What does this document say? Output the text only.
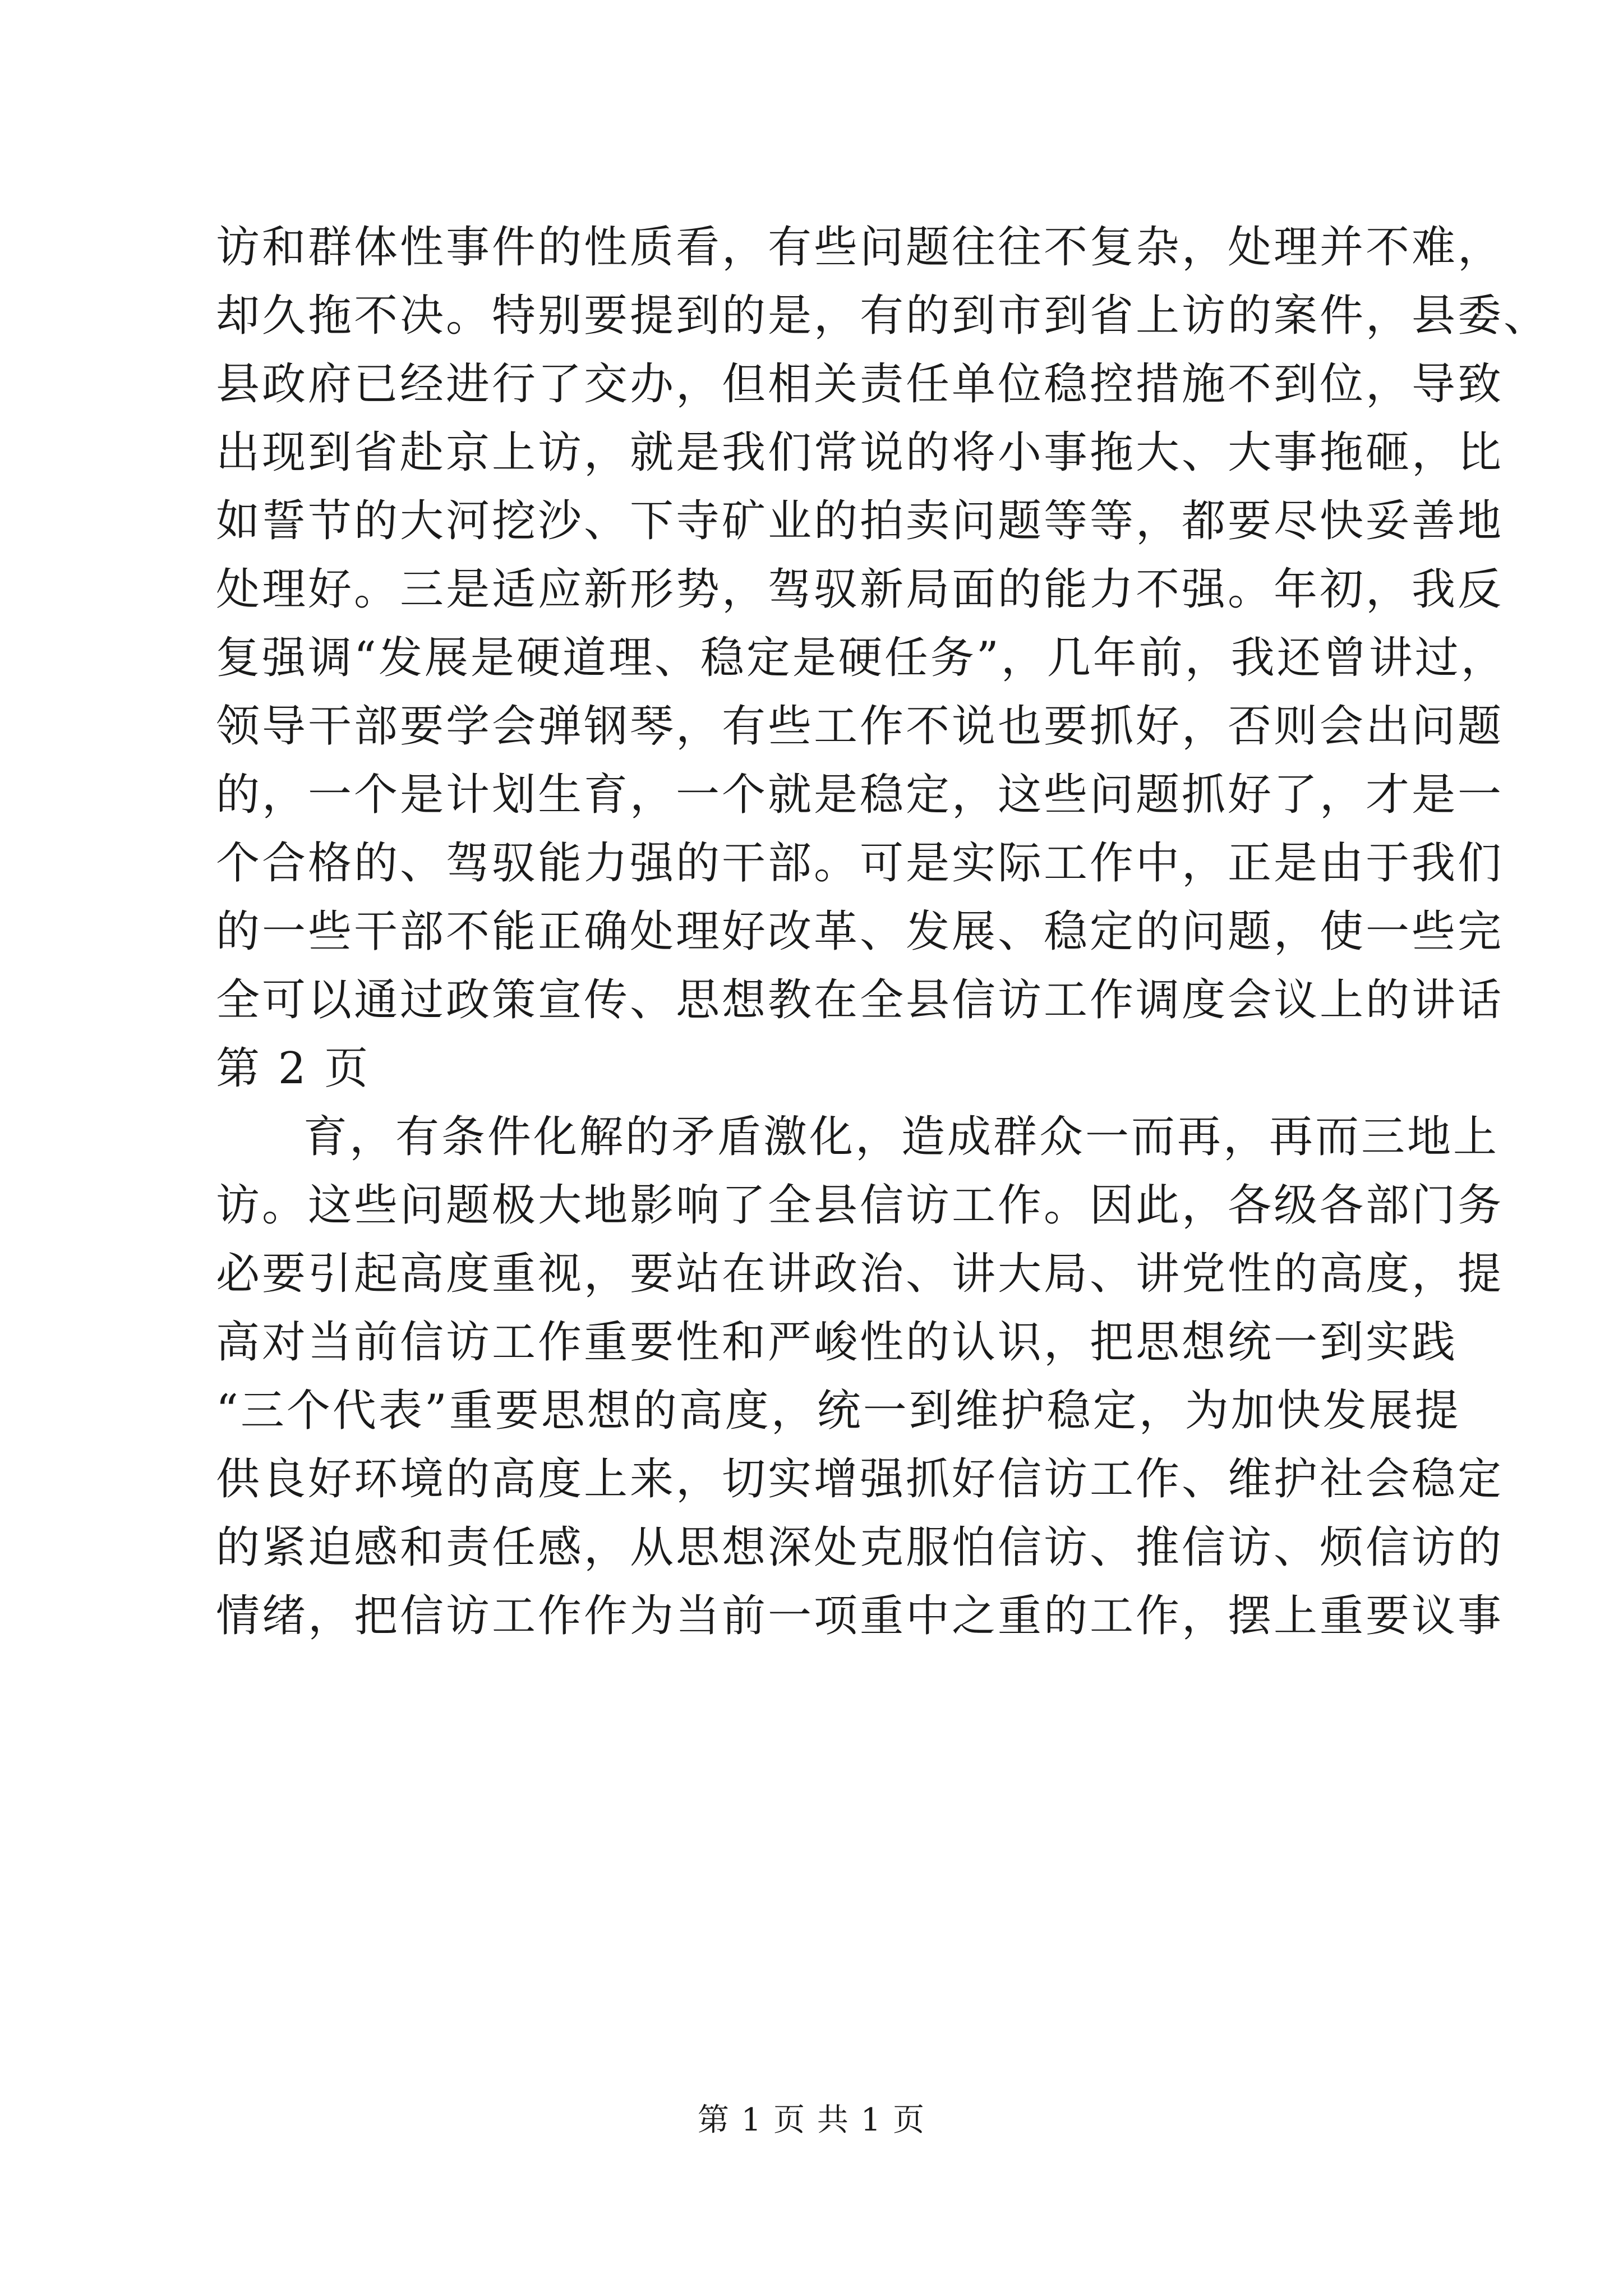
访和群体性事件的性质看，有些问题往往不复杂，处理并不难，
却久拖不决。特别要提到的是，有的到市到省上访的案件，县委、
县政府已经进行了交办，但相关责任单位稳控措施不到位，导致
出现到省赴京上访，就是我们常说的将小事拖大、大事拖砸，比
如誓节的大河挖沙、下寺矿业的拍卖问题等等，都要尽快妥善地
处理好。三是适应新形势，驾驭新局面的能力不强。年初，我反
复强调“发展是硬道理、稳定是硬任务”，几年前，我还曾讲过，
领导干部要学会弹钢琴，有些工作不说也要抓好，否则会出问题
的，一个是计划生育，一个就是稳定，这些问题抓好了，才是一
个合格的、驾驭能力强的干部。可是实际工作中，正是由于我们
的一些干部不能正确处理好改革、发展、稳定的问题，使一些完
全可以通过政策宣传、思想教在全县信访工作调度会议上的讲话
第 2 页
育，有条件化解的矛盾激化，造成群众一而再，再而三地上
访。这些问题极大地影响了全县信访工作。因此，各级各部门务
必要引起高度重视，要站在讲政治、讲大局、讲党性的高度，提
高对当前信访工作重要性和严峻性的认识，把思想统一到实践
“三个代表”重要思想的高度，统一到维护稳定，为加快发展提
供良好环境的高度上来，切实增强抓好信访工作、维护社会稳定
的紧迫感和责任感，从思想深处克服怕信访、推信访、烦信访的
情绪，把信访工作作为当前一项重中之重的工作，摆上重要议事
第 1 页 共 1 页
